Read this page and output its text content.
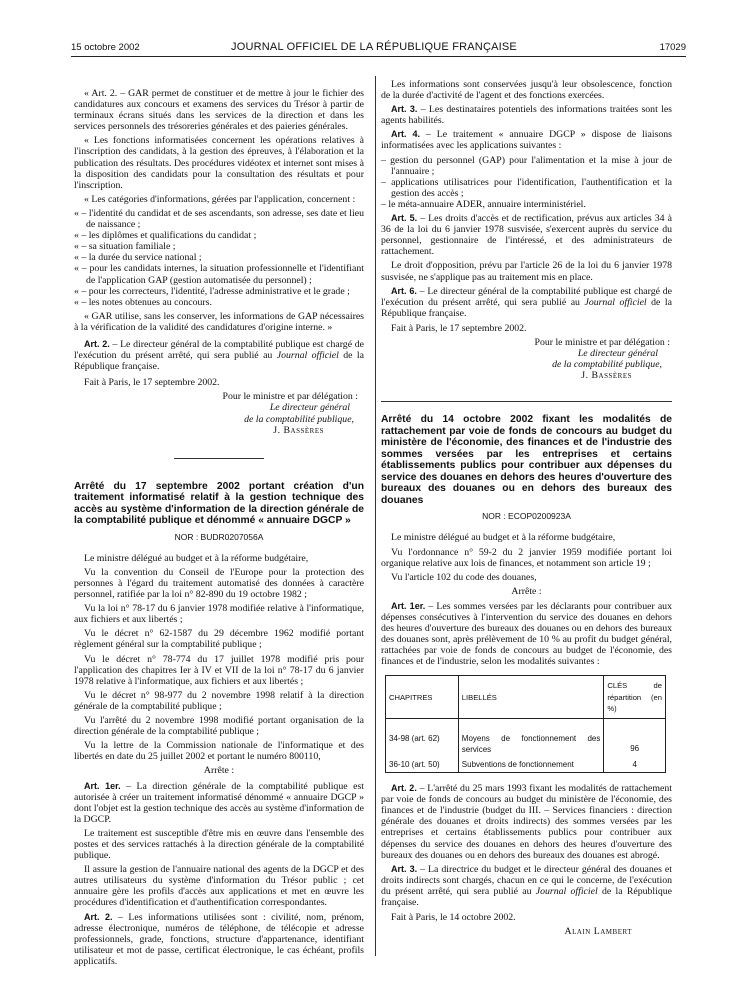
15 octobre 2002	JOURNAL OFFICIEL DE LA RÉPUBLIQUE FRANÇAISE	17029

« Art. 2. – GAR permet de constituer et de mettre à jour le fichier des candidatures aux concours et examens des services du Trésor à partir de terminaux écrans situés dans les services de la direction et dans les services personnels des trésoreries générales et des paieries générales.

« Les fonctions informatisées concernent les opérations relatives à l'inscription des candidats, à la gestion des épreuves, à l'élaboration et la publication des résultats. Des procédures vidéotex et internet sont mises à la disposition des candidats pour la consultation des résultats et pour l'inscription.

« Les catégories d'informations, gérées par l'application, concernent :

« – l'identité du candidat et de ses ascendants, son adresse, ses date et lieu de naissance ;
« – les diplômes et qualifications du candidat ;
« – sa situation familiale ;
« – la durée du service national ;
« – pour les candidats internes, la situation professionnelle et l'identifiant de l'application GAP (gestion automatisée du personnel) ;
« – pour les correcteurs, l'identité, l'adresse administrative et le grade ;
« – les notes obtenues au concours.

« GAR utilise, sans les conserver, les informations de GAP nécessaires à la vérification de la validité des candidatures d'origine interne. »

Art. 2. – Le directeur général de la comptabilité publique est chargé de l'exécution du présent arrêté, qui sera publié au Journal officiel de la République française.

Fait à Paris, le 17 septembre 2002.

Pour le ministre et par délégation :

Le directeur général

de la comptabilité publique,

J. Bassères

Arrêté du 17 septembre 2002 portant création d'un traitement informatisé relatif à la gestion technique des accès au système d'information de la direction générale de la comptabilité publique et dénommé « annuaire DGCP »

NOR : BUDR0207056A

Le ministre délégué au budget et à la réforme budgétaire,

Vu la convention du Conseil de l'Europe pour la protection des personnes à l'égard du traitement automatisé des données à caractère personnel, ratifiée par la loi n° 82-890 du 19 octobre 1982 ;

Vu la loi n° 78-17 du 6 janvier 1978 modifiée relative à l'informatique, aux fichiers et aux libertés ;

Vu le décret n° 62-1587 du 29 décembre 1962 modifié portant règlement général sur la comptabilité publique ;

Vu le décret n° 78-774 du 17 juillet 1978 modifié pris pour l'application des chapitres Ier à IV et VII de la loi n° 78-17 du 6 janvier 1978 relative à l'informatique, aux fichiers et aux libertés ;

Vu le décret n° 98-977 du 2 novembre 1998 relatif à la direction générale de la comptabilité publique ;

Vu l'arrêté du 2 novembre 1998 modifié portant organisation de la direction générale de la comptabilité publique ;

Vu la lettre de la Commission nationale de l'informatique et des libertés en date du 25 juillet 2002 et portant le numéro 800110,

Arrête :

Art. 1er. – La direction générale de la comptabilité publique est autorisée à créer un traitement informatisé dénommé « annuaire DGCP » dont l'objet est la gestion technique des accès au système d'information de la DGCP.

Le traitement est susceptible d'être mis en œuvre dans l'ensemble des postes et des services rattachés à la direction générale de la comptabilité publique.

Il assure la gestion de l'annuaire national des agents de la DGCP et des autres utilisateurs du système d'information du Trésor public ; cet annuaire gère les profils d'accès aux applications et met en œuvre les procédures d'identification et d'authentification correspondantes.

Art. 2. – Les informations utilisées sont : civilité, nom, prénom, adresse électronique, numéros de téléphone, de télécopie et adresse professionnels, grade, fonctions, structure d'appartenance, identifiant utilisateur et mot de passe, certificat électronique, le cas échéant, profils applicatifs.

Les informations sont conservées jusqu'à leur obsolescence, fonction de la durée d'activité de l'agent et des fonctions exercées.

Art. 3. – Les destinataires potentiels des informations traitées sont les agents habilités.

Art. 4. – Le traitement « annuaire DGCP » dispose de liaisons informatisées avec les applications suivantes :

– gestion du personnel (GAP) pour l'alimentation et la mise à jour de l'annuaire ;
– applications utilisatrices pour l'identification, l'authentification et la gestion des accès ;
– le méta-annuaire ADER, annuaire interministériel.

Art. 5. – Les droits d'accès et de rectification, prévus aux articles 34 à 36 de la loi du 6 janvier 1978 susvisée, s'exercent auprès du service du personnel, gestionnaire de l'intéressé, et des administrateurs de rattachement.

Le droit d'opposition, prévu par l'article 26 de la loi du 6 janvier 1978 susvisée, ne s'applique pas au traitement mis en place.

Art. 6. – Le directeur général de la comptabilité publique est chargé de l'exécution du présent arrêté, qui sera publié au Journal officiel de la République française.

Fait à Paris, le 17 septembre 2002.

Pour le ministre et par délégation :

Le directeur général

de la comptabilité publique,

J. Bassères

Arrêté du 14 octobre 2002 fixant les modalités de rattachement par voie de fonds de concours au budget du ministère de l'économie, des finances et de l'industrie des sommes versées par les entreprises et certains établissements publics pour contribuer aux dépenses du service des douanes en dehors des heures d'ouverture des bureaux des douanes ou en dehors des bureaux des douanes

NOR : ECOP0200923A

Le ministre délégué au budget et à la réforme budgétaire,

Vu l'ordonnance n° 59-2 du 2 janvier 1959 modifiée portant loi organique relative aux lois de finances, et notamment son article 19 ;

Vu l'article 102 du code des douanes,

Arrête :

Art. 1er. – Les sommes versées par les déclarants pour contribuer aux dépenses consécutives à l'intervention du service des douanes en dehors des heures d'ouverture des bureaux des douanes ou en dehors des bureaux des douanes sont, après prélèvement de 10 % au profit du budget général, rattachées par voie de fonds de concours au budget de l'économie, des finances et de l'industrie, selon les modalités suivantes :

CHAPITRES	LIBELLÉS	CLÉS de répartition (en %)

34-98 (art. 62)	Moyens de fonctionnement des services	96
36-10 (art. 50)	Subventions de fonctionnement	4

Art. 2. – L'arrêté du 25 mars 1993 fixant les modalités de rattachement par voie de fonds de concours au budget du ministère de l'économie, des finances et de l'industrie (budget du III. – Services financiers : direction générale des douanes et droits indirects) des sommes versées par les entreprises et certains établissements publics pour contribuer aux dépenses du service des douanes en dehors des heures d'ouverture des bureaux des douanes ou en dehors des bureaux des douanes est abrogé.

Art. 3. – La directrice du budget et le directeur général des douanes et droits indirects sont chargés, chacun en ce qui le concerne, de l'exécution du présent arrêté, qui sera publié au Journal officiel de la République française.

Fait à Paris, le 14 octobre 2002.

Alain Lambert
